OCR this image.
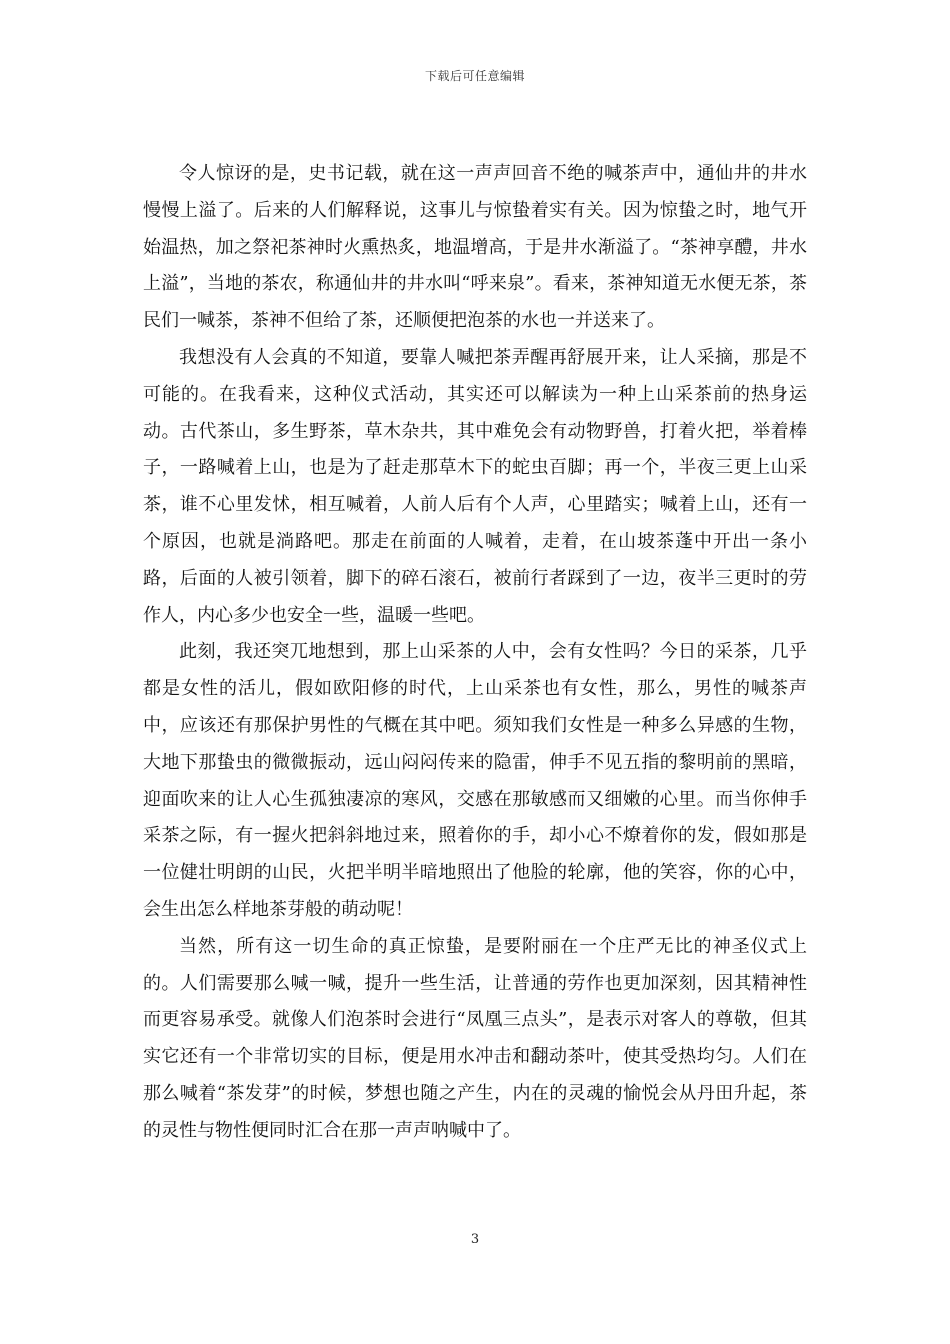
下载后可任意编辑

令人惊讶的是，史书记载，就在这一声声回音不绝的喊茶声中，通仙井的井水慢慢上溢了。后来的人们解释说，这事儿与惊蛰着实有关。因为惊蛰之时，地气开始温热，加之祭祀茶神时火熏热炙，地温增高，于是井水渐溢了。“茶神享醴，井水上溢”，当地的茶农，称通仙井的井水叫“呼来泉”。看来，茶神知道无水便无茶，茶民们一喊茶，茶神不但给了茶，还顺便把泡茶的水也一并送来了。

我想没有人会真的不知道，要靠人喊把茶弄醒再舒展开来，让人采摘，那是不可能的。在我看来，这种仪式活动，其实还可以解读为一种上山采茶前的热身运动。古代茶山，多生野茶，草木杂共，其中难免会有动物野兽，打着火把，举着棒子，一路喊着上山，也是为了赶走那草木下的蛇虫百脚；再一个，半夜三更上山采茶，谁不心里发怵，相互喊着，人前人后有个人声，心里踏实；喊着上山，还有一个原因，也就是淌路吧。那走在前面的人喊着，走着，在山坡茶蓬中开出一条小路，后面的人被引领着，脚下的碎石滚石，被前行者踩到了一边，夜半三更时的劳作人，内心多少也安全一些，温暖一些吧。

此刻，我还突兀地想到，那上山采茶的人中，会有女性吗？今日的采茶，几乎都是女性的活儿，假如欧阳修的时代，上山采茶也有女性，那么，男性的喊茶声中，应该还有那保护男性的气概在其中吧。须知我们女性是一种多么异感的生物，大地下那蛰虫的微微振动，远山闷闷传来的隐雷，伸手不见五指的黎明前的黑暗，迎面吹来的让人心生孤独凄凉的寒风，交感在那敏感而又细嫩的心里。而当你伸手采茶之际，有一握火把斜斜地过来，照着你的手，却小心不燎着你的发，假如那是一位健壮明朗的山民，火把半明半暗地照出了他脸的轮廓，他的笑容，你的心中，会生出怎么样地茶芽般的萌动呢！

当然，所有这一切生命的真正惊蛰，是要附丽在一个庄严无比的神圣仪式上的。人们需要那么喊一喊，提升一些生活，让普通的劳作也更加深刻，因其精神性而更容易承受。就像人们泡茶时会进行“凤凰三点头”，是表示对客人的尊敬，但其实它还有一个非常切实的目标，便是用水冲击和翻动茶叶，使其受热均匀。人们在那么喊着“茶发芽”的时候，梦想也随之产生，内在的灵魂的愉悦会从丹田升起，茶的灵性与物性便同时汇合在那一声声呐喊中了。

3
